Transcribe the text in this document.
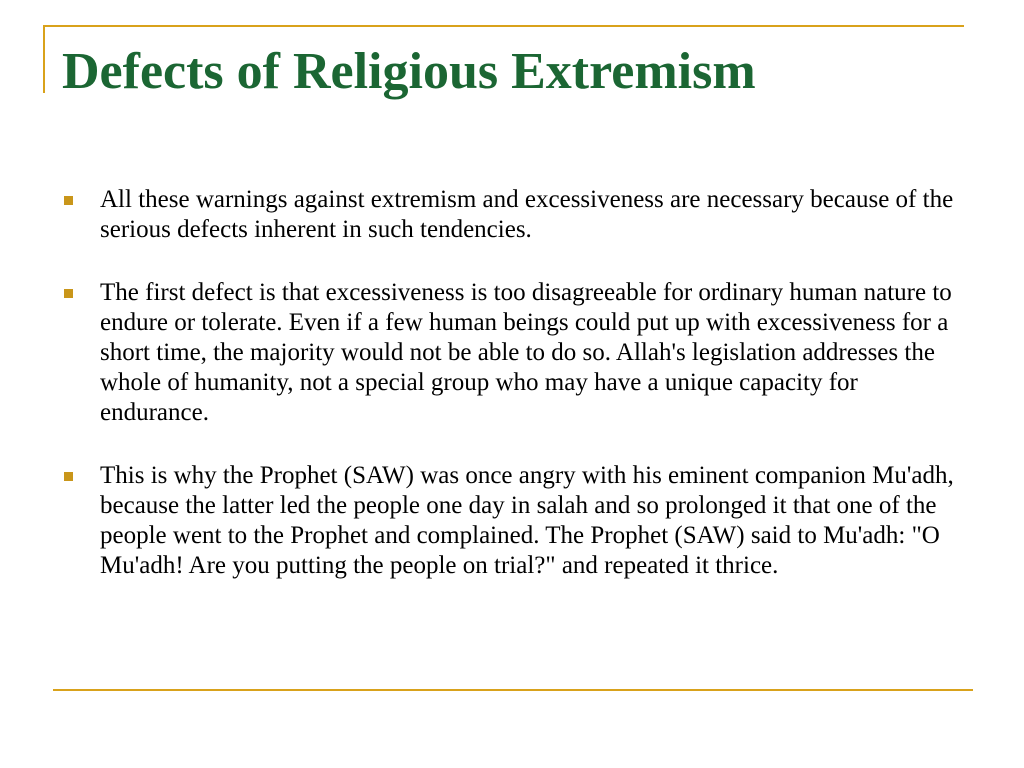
Defects of Religious Extremism
All these warnings against extremism and excessiveness are necessary because of the serious defects inherent in such tendencies.
The first defect is that excessiveness is too disagreeable for ordinary human nature to endure or tolerate. Even if a few human beings could put up with excessiveness for a short time, the majority would not be able to do so. Allah's legislation addresses the whole of humanity, not a special group who may have a unique capacity for endurance.
This is why the Prophet (SAW) was once angry with his eminent companion Mu'adh, because the latter led the people one day in salah and so prolonged it that one of the people went to the Prophet and complained. The Prophet (SAW) said to Mu'adh: "O Mu'adh! Are you putting the people on trial?" and repeated it thrice.
